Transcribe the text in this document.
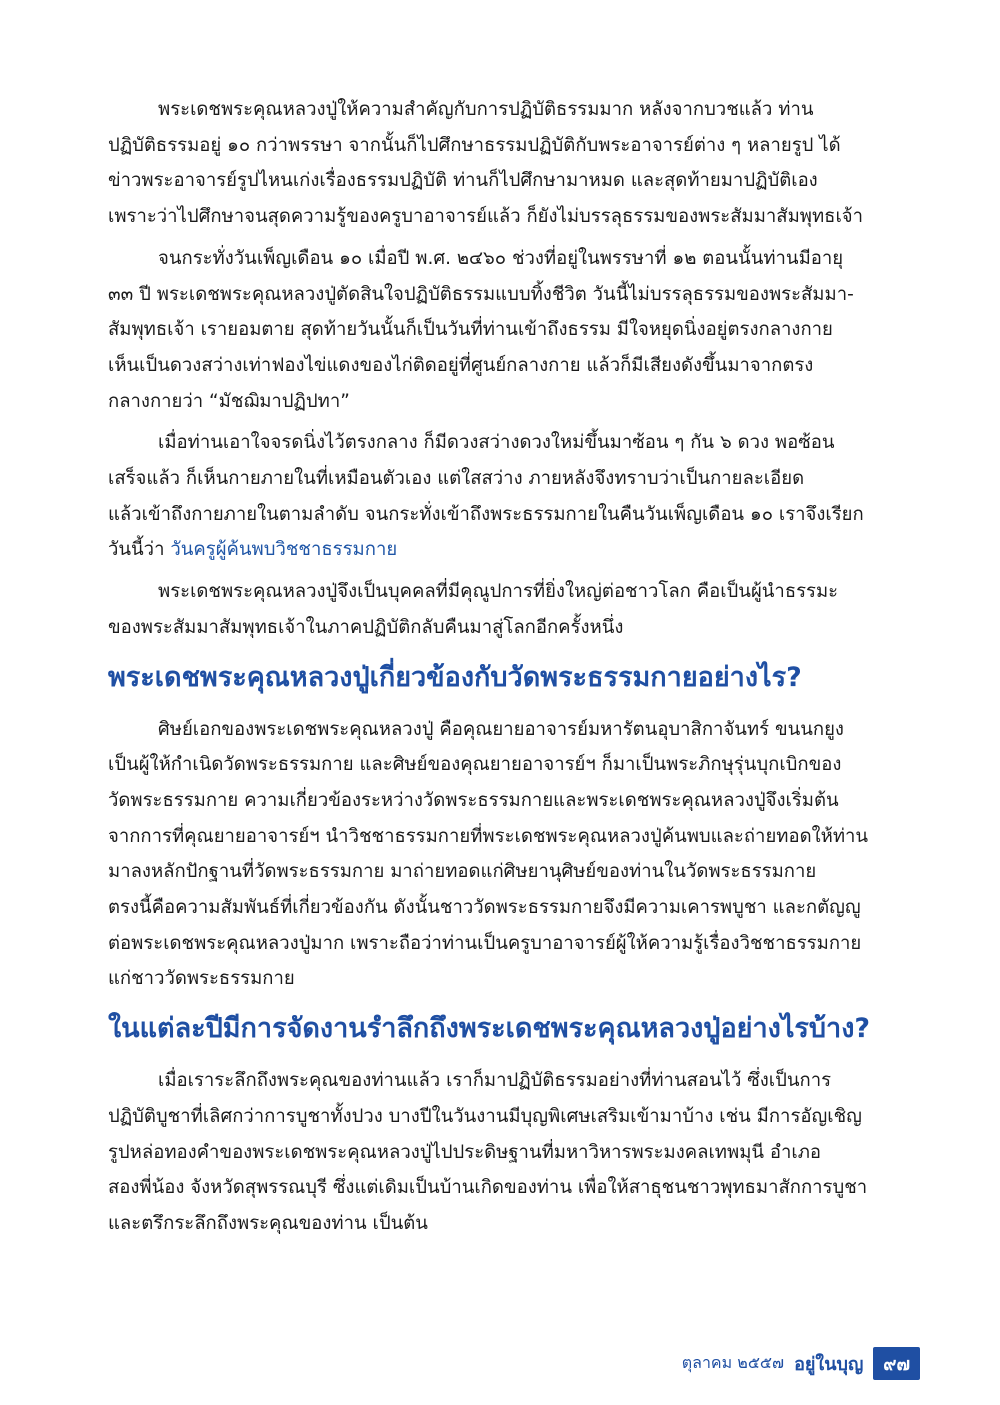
พระเดชพระคุณหลวงปู่ให้ความสำคัญกับการปฏิบัติธรรมมาก หลังจากบวชแล้ว ท่าน
ปฏิบัติธรรมอยู่ ๑๐ กว่าพรรษา จากนั้นก็ไปศึกษาธรรมปฏิบัติกับพระอาจารย์ต่าง ๆ หลายรูป ได้
ข่าวพระอาจารย์รูปไหนเก่งเรื่องธรรมปฏิบัติ ท่านก็ไปศึกษามาหมด และสุดท้ายมาปฏิบัติเอง
เพราะว่าไปศึกษาจนสุดความรู้ของครูบาอาจารย์แล้ว ก็ยังไม่บรรลุธรรมของพระสัมมาสัมพุทธเจ้า
จนกระทั่งวันเพ็ญเดือน ๑๐ เมื่อปี พ.ศ. ๒๔๖๐ ช่วงที่อยู่ในพรรษาที่ ๑๒ ตอนนั้นท่านมีอายุ
๓๓ ปี พระเดชพระคุณหลวงปู่ตัดสินใจปฏิบัติธรรมแบบทิ้งชีวิต วันนี้ไม่บรรลุธรรมของพระสัมมา-
สัมพุทธเจ้า เรายอมตาย สุดท้ายวันนั้นก็เป็นวันที่ท่านเข้าถึงธรรม มีใจหยุดนิ่งอยู่ตรงกลางกาย
เห็นเป็นดวงสว่างเท่าฟองไข่แดงของไก่ติดอยู่ที่ศูนย์กลางกาย แล้วก็มีเสียงดังขึ้นมาจากตรง
กลางกายว่า “มัชฌิมาปฏิปทา”
เมื่อท่านเอาใจจรดนิ่งไว้ตรงกลาง ก็มีดวงสว่างดวงใหม่ขึ้นมาซ้อน ๆ กัน ๖ ดวง พอซ้อน
เสร็จแล้ว ก็เห็นกายภายในที่เหมือนตัวเอง แต่ใสสว่าง ภายหลังจึงทราบว่าเป็นกายละเอียด
แล้วเข้าถึงกายภายในตามลำดับ จนกระทั่งเข้าถึงพระธรรมกายในคืนวันเพ็ญเดือน ๑๐ เราจึงเรียก
วันนี้ว่า วันครูผู้ค้นพบวิชชาธรรมกาย
พระเดชพระคุณหลวงปู่จึงเป็นบุคคลที่มีคุณูปการที่ยิ่งใหญ่ต่อชาวโลก คือเป็นผู้นำธรรมะ
ของพระสัมมาสัมพุทธเจ้าในภาคปฏิบัติกลับคืนมาสู่โลกอีกครั้งหนึ่ง
พระเดชพระคุณหลวงปู่เกี่ยวข้องกับวัดพระธรรมกายอย่างไร?
ศิษย์เอกของพระเดชพระคุณหลวงปู่ คือคุณยายอาจารย์มหารัตนอุบาสิกาจันทร์ ขนนกยูง
เป็นผู้ให้กำเนิดวัดพระธรรมกาย และศิษย์ของคุณยายอาจารย์ฯ ก็มาเป็นพระภิกษุรุ่นบุกเบิกของ
วัดพระธรรมกาย ความเกี่ยวข้องระหว่างวัดพระธรรมกายและพระเดชพระคุณหลวงปู่จึงเริ่มต้น
จากการที่คุณยายอาจารย์ฯ นำวิชชาธรรมกายที่พระเดชพระคุณหลวงปู่ค้นพบและถ่ายทอดให้ท่าน
มาลงหลักปักฐานที่วัดพระธรรมกาย มาถ่ายทอดแก่ศิษยานุศิษย์ของท่านในวัดพระธรรมกาย
ตรงนี้คือความสัมพันธ์ที่เกี่ยวข้องกัน ดังนั้นชาววัดพระธรรมกายจึงมีความเคารพบูชา และกตัญญู
ต่อพระเดชพระคุณหลวงปู่มาก เพราะถือว่าท่านเป็นครูบาอาจารย์ผู้ให้ความรู้เรื่องวิชชาธรรมกาย
แก่ชาววัดพระธรรมกาย
ในแต่ละปีมีการจัดงานรำลึกถึงพระเดชพระคุณหลวงปู่อย่างไรบ้าง?
เมื่อเราระลึกถึงพระคุณของท่านแล้ว เราก็มาปฏิบัติธรรมอย่างที่ท่านสอนไว้ ซึ่งเป็นการ
ปฏิบัติบูชาที่เลิศกว่าการบูชาทั้งปวง บางปีในวันงานมีบุญพิเศษเสริมเข้ามาบ้าง เช่น มีการอัญเชิญ
รูปหล่อทองคำของพระเดชพระคุณหลวงปู่ไปประดิษฐานที่มหาวิหารพระมงคลเทพมุนี อำเภอ
สองพี่น้อง จังหวัดสุพรรณบุรี ซึ่งแต่เดิมเป็นบ้านเกิดของท่าน เพื่อให้สาธุชนชาวพุทธมาสักการบูชา
และตรึกระลึกถึงพระคุณของท่าน เป็นต้น
ตุลาคม ๒๕๕๗ อยู่ในบุญ	๙๗
